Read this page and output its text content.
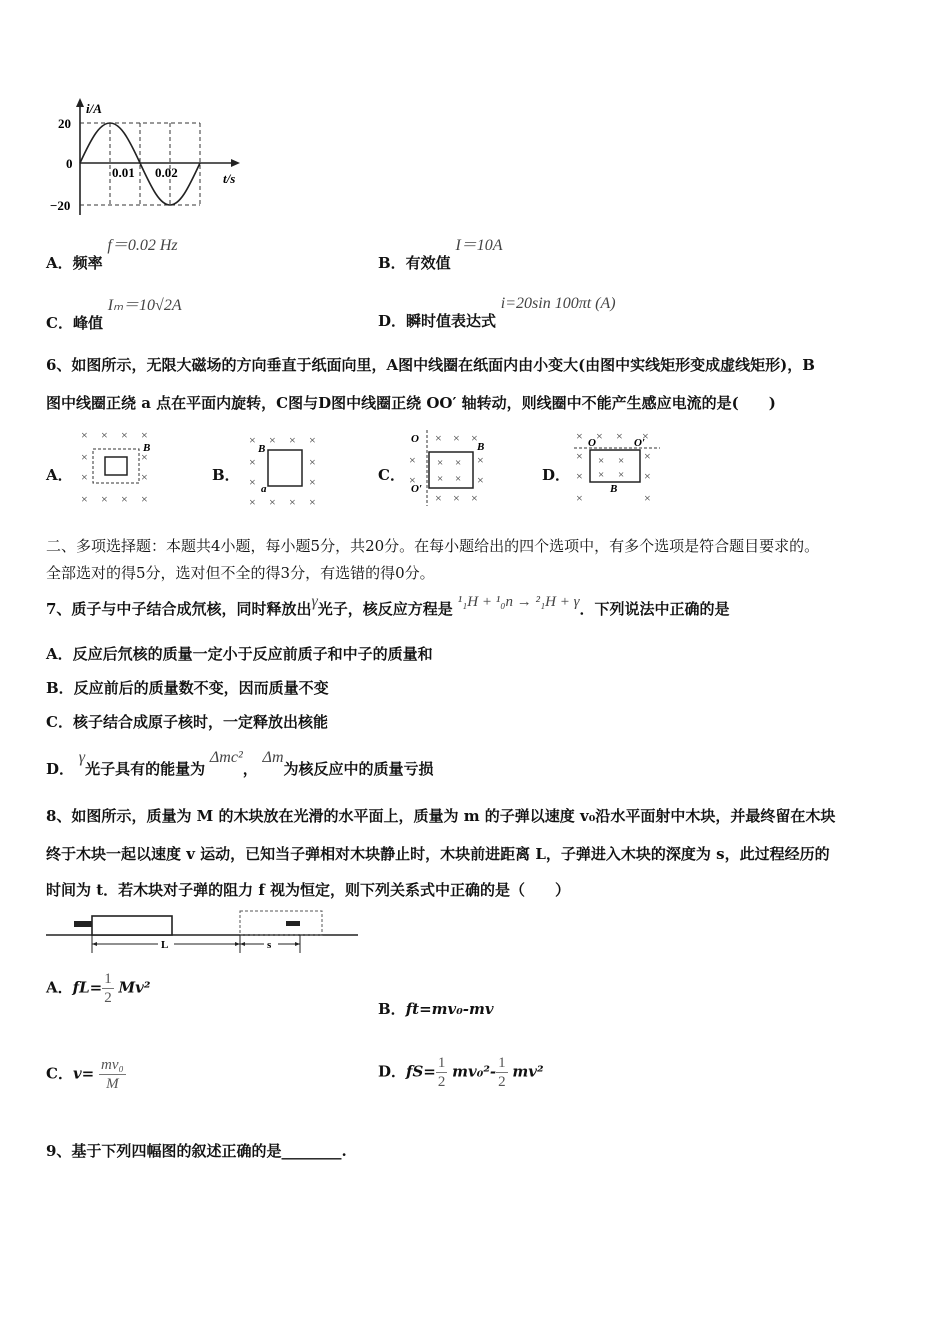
i/A
20
0
−20
0.01 0.02	t/s
A．频率 f＝0.02 Hz
B．有效值 I＝10A
C．峰值 Iₘ＝10√2A
D．瞬时值表达式 i=20sin 100πt (A)
6、如图所示，无限大磁场的方向垂直于纸面向里，A图中线圈在纸面内由小变大(由图中实线矩形变成虚线矩形)，B
图中线圈正绕 a 点在平面内旋转，C图与D图中线圈正绕 OO′ 轴转动，则线圈中不能产生感应电流的是(　　)
A．
× × × ×
×	×
×	×
× × × ×
B
B．
× × × ×
×	×
×	×
× × × ×
B
a
C．
× × ×
×	×
×	×
× × ×
O
O′
B
× ×
× ×	D．
× × × ×
×	×
×	×
×	×
O	O′
B
× ×
× ×
二、多项选择题：本题共4小题，每小题5分，共20分。在每小题给出的四个选项中，有多个选项是符合题目要求的。
全部选对的得5分，选对但不全的得3分，有选错的得0分。
7、质子与中子结合成氘核，同时释放出γ光子，核反应方程是 ¹₁H + ¹₀n → ²₁H + γ．下列说法中正确的是
A．反应后氘核的质量一定小于反应前质子和中子的质量和
B．反应前后的质量数不变，因而质量不变
C．核子结合成原子核时，一定释放出核能
D． γ光子具有的能量为 Δmc²， Δm为核反应中的质量亏损
8、如图所示，质量为 M 的木块放在光滑的水平面上，质量为 m 的子弹以速度 v₀沿水平面射中木块，并最终留在木块
终于木块一起以速度 v 运动，已知当子弹相对木块静止时，木块前进距离 L，子弹进入木块的深度为 s，此过程经历的
时间为 t．若木块对子弹的阻力 f 视为恒定，则下列关系式中正确的是（　　）
L	s
A．$fL= \frac{1}{2} Mv^2$
B．ft=mv₀-mv
C．$v= \frac{\text{mv₀}}{M}$	D．$fS= \frac{1}{2} mv_0^2- \frac{1}{2} mv^2$
9、基于下列四幅图的叙述正确的是________.
